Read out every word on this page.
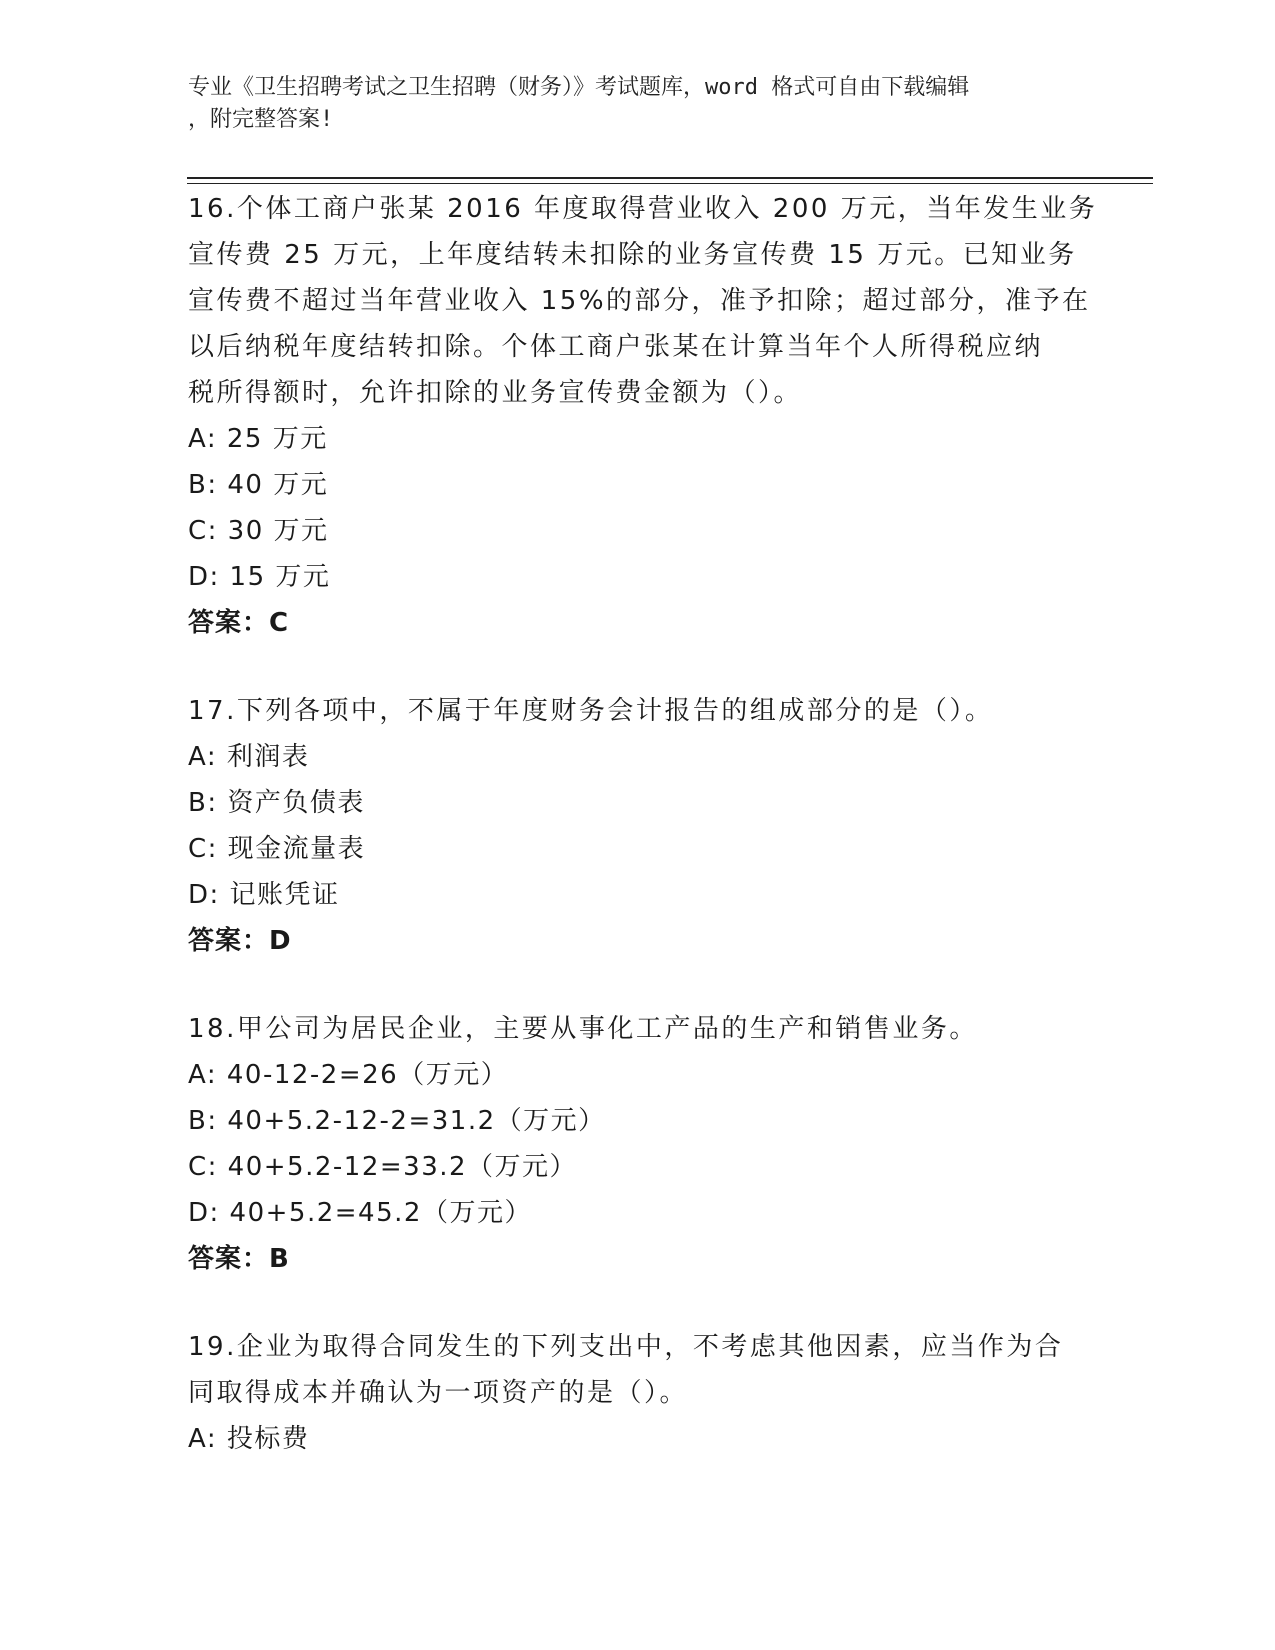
专业《卫生招聘考试之卫生招聘（财务）》考试题库，word 格式可自由下载编辑
，附完整答案!
16.个体工商户张某 2016 年度取得营业收入 200 万元，当年发生业务
宣传费 25 万元，上年度结转未扣除的业务宣传费 15 万元。已知业务
宣传费不超过当年营业收入 15%的部分，准予扣除；超过部分，准予在
以后纳税年度结转扣除。个体工商户张某在计算当年个人所得税应纳
税所得额时，允许扣除的业务宣传费金额为（）。
A: 25 万元
B: 40 万元
C: 30 万元
D: 15 万元
答案：C
17.下列各项中，不属于年度财务会计报告的组成部分的是（）。
A: 利润表
B: 资产负债表
C: 现金流量表
D: 记账凭证
答案：D
18.甲公司为居民企业，主要从事化工产品的生产和销售业务。
A: 40-12-2=26（万元）
B: 40+5.2-12-2=31.2（万元）
C: 40+5.2-12=33.2（万元）
D: 40+5.2=45.2（万元）
答案：B
19.企业为取得合同发生的下列支出中，不考虑其他因素，应当作为合
同取得成本并确认为一项资产的是（）。
A: 投标费
